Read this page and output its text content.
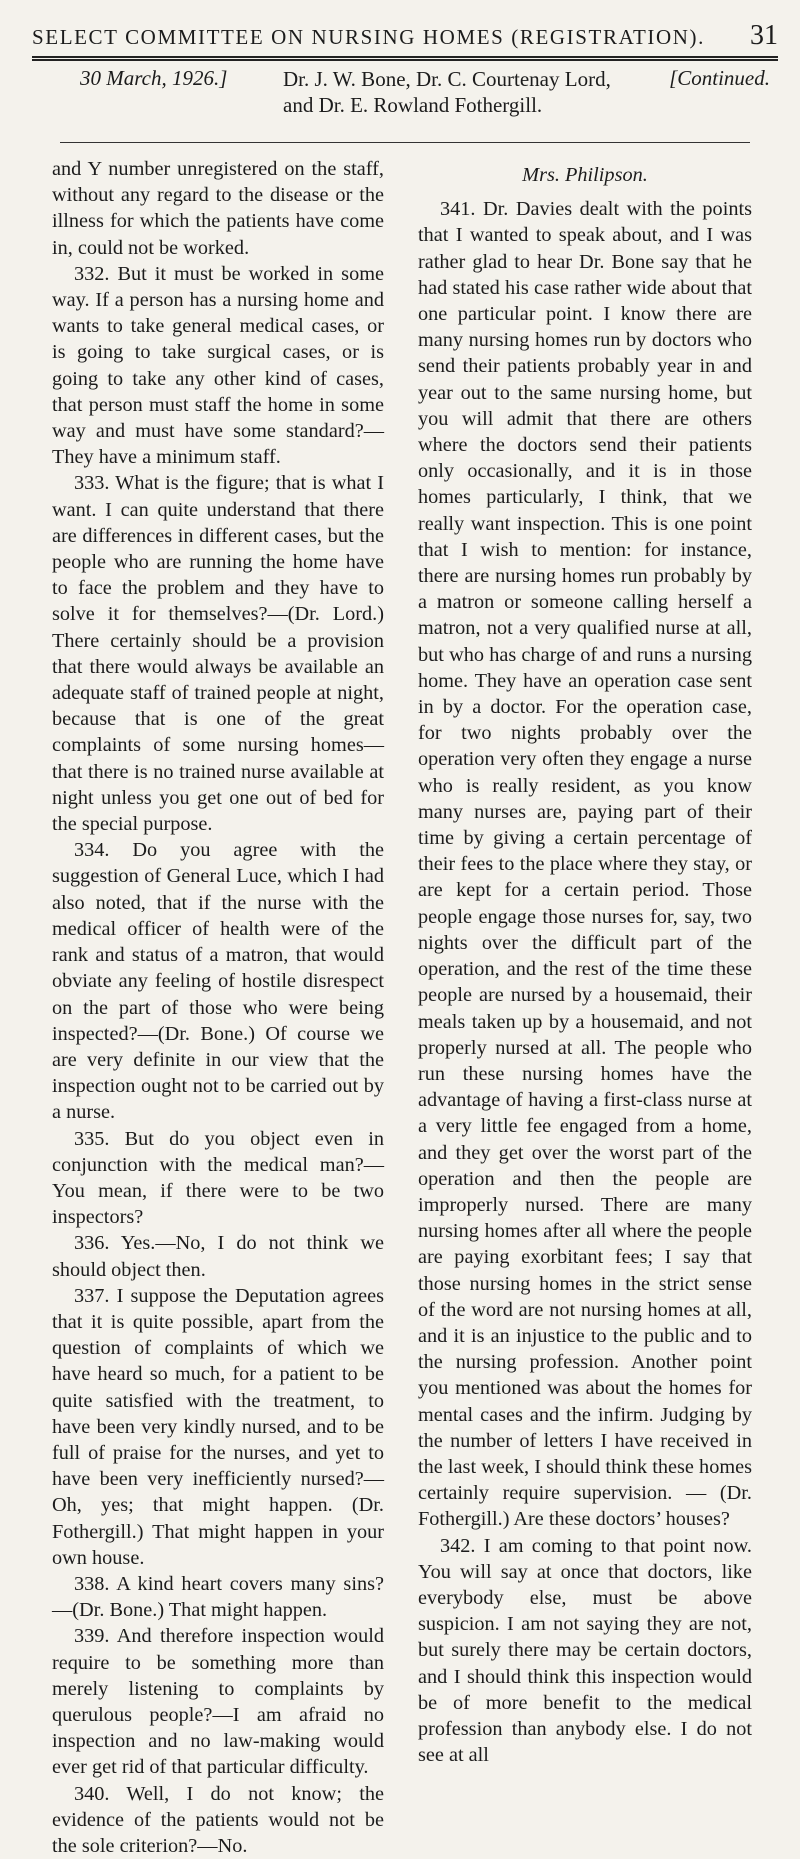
SELECT COMMITTEE ON NURSING HOMES (REGISTRATION). 31
30 March, 1926.]	Dr. J. W. Bone, Dr. C. Courtenay Lord,
and Dr. E. Rowland Fothergill.
[Continued.

and Y number unregistered on the staff, without any regard to the disease or the illness for which the patients have come in, could not be worked.

332. But it must be worked in some way. If a person has a nursing home and wants to take general medical cases, or is going to take surgical cases, or is going to take any other kind of cases, that person must staff the home in some way and must have some standard?—They have a minimum staff.

333. What is the figure; that is what I want. I can quite understand that there are differences in different cases, but the people who are running the home have to face the problem and they have to solve it for themselves?—(Dr. Lord.) There certainly should be a provision that there would always be available an adequate staff of trained people at night, because that is one of the great complaints of some nursing homes—that there is no trained nurse available at night unless you get one out of bed for the special purpose.

334. Do you agree with the suggestion of General Luce, which I had also noted, that if the nurse with the medical officer of health were of the rank and status of a matron, that would obviate any feeling of hostile disrespect on the part of those who were being inspected?—(Dr. Bone.) Of course we are very definite in our view that the inspection ought not to be carried out by a nurse.

335. But do you object even in conjunction with the medical man?—You mean, if there were to be two inspectors?

336. Yes.—No, I do not think we should object then.

337. I suppose the Deputation agrees that it is quite possible, apart from the question of complaints of which we have heard so much, for a patient to be quite satisfied with the treatment, to have been very kindly nursed, and to be full of praise for the nurses, and yet to have been very inefficiently nursed?—Oh, yes; that might happen. (Dr. Fothergill.) That might happen in your own house.

338. A kind heart covers many sins?—(Dr. Bone.) That might happen.

339. And therefore inspection would require to be something more than merely listening to complaints by querulous people?—I am afraid no inspection and no law-making would ever get rid of that particular difficulty.

340. Well, I do not know; the evidence of the patients would not be the sole criterion?—No.

Mrs. Philipson.

341. Dr. Davies dealt with the points that I wanted to speak about, and I was rather glad to hear Dr. Bone say that he had stated his case rather wide about that one particular point. I know there are many nursing homes run by doctors who send their patients probably year in and year out to the same nursing home, but you will admit that there are others where the doctors send their patients only occasionally, and it is in those homes particularly, I think, that we really want inspection. This is one point that I wish to mention: for instance, there are nursing homes run probably by a matron or someone calling herself a matron, not a very qualified nurse at all, but who has charge of and runs a nursing home. They have an operation case sent in by a doctor. For the operation case, for two nights probably over the operation very often they engage a nurse who is really resident, as you know many nurses are, paying part of their time by giving a certain percentage of their fees to the place where they stay, or are kept for a certain period. Those people engage those nurses for, say, two nights over the difficult part of the operation, and the rest of the time these people are nursed by a housemaid, their meals taken up by a housemaid, and not properly nursed at all. The people who run these nursing homes have the advantage of having a first-class nurse at a very little fee engaged from a home, and they get over the worst part of the operation and then the people are improperly nursed. There are many nursing homes after all where the people are paying exorbitant fees; I say that those nursing homes in the strict sense of the word are not nursing homes at all, and it is an injustice to the public and to the nursing profession. Another point you mentioned was about the homes for mental cases and the infirm. Judging by the number of letters I have received in the last week, I should think these homes certainly require supervision. — (Dr. Fothergill.) Are these doctors’ houses?

342. I am coming to that point now. You will say at once that doctors, like everybody else, must be above suspicion. I am not saying they are not, but surely there may be certain doctors, and I should think this inspection would be of more benefit to the medical profession than anybody else. I do not see at all
